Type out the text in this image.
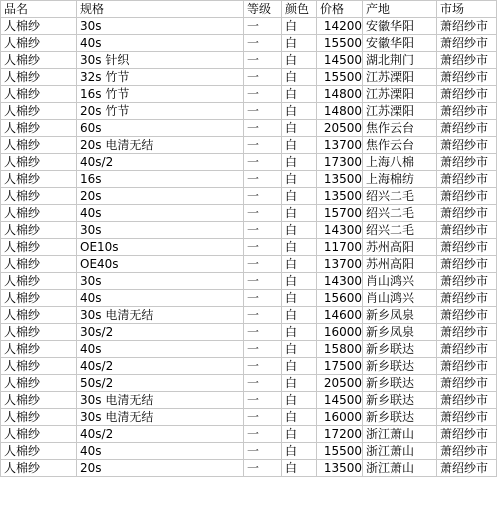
品名	规格	等级	颜色	价格	产地	市场
人棉纱	30s	一	白	14200	安徽华阳	萧绍纱市
人棉纱	40s	一	白	15500	安徽华阳	萧绍纱市
人棉纱	30s 针织	一	白	14500	湖北荆门	萧绍纱市
人棉纱	32s 竹节	一	白	15500	江苏溧阳	萧绍纱市
人棉纱	16s 竹节	一	白	14800	江苏溧阳	萧绍纱市
人棉纱	20s 竹节	一	白	14800	江苏溧阳	萧绍纱市
人棉纱	60s	一	白	20500	焦作云台	萧绍纱市
人棉纱	20s 电清无结	一	白	13700	焦作云台	萧绍纱市
人棉纱	40s/2	一	白	17300	上海八棉	萧绍纱市
人棉纱	16s	一	白	13500	上海棉纺	萧绍纱市
人棉纱	20s	一	白	13500	绍兴二毛	萧绍纱市
人棉纱	40s	一	白	15700	绍兴二毛	萧绍纱市
人棉纱	30s	一	白	14300	绍兴二毛	萧绍纱市
人棉纱	OE10s	一	白	11700	苏州高阳	萧绍纱市
人棉纱	OE40s	一	白	13700	苏州高阳	萧绍纱市
人棉纱	30s	一	白	14300	肖山鸿兴	萧绍纱市
人棉纱	40s	一	白	15600	肖山鸿兴	萧绍纱市
人棉纱	30s 电清无结	一	白	14600	新乡凤泉	萧绍纱市
人棉纱	30s/2	一	白	16000	新乡凤泉	萧绍纱市
人棉纱	40s	一	白	15800	新乡联达	萧绍纱市
人棉纱	40s/2	一	白	17500	新乡联达	萧绍纱市
人棉纱	50s/2	一	白	20500	新乡联达	萧绍纱市
人棉纱	30s 电清无结	一	白	14500	新乡联达	萧绍纱市
人棉纱	30s 电清无结	一	白	16000	新乡联达	萧绍纱市
人棉纱	40s/2	一	白	17200	浙江萧山	萧绍纱市
人棉纱	40s	一	白	15500	浙江萧山	萧绍纱市
人棉纱	20s	一	白	13500	浙江萧山	萧绍纱市
